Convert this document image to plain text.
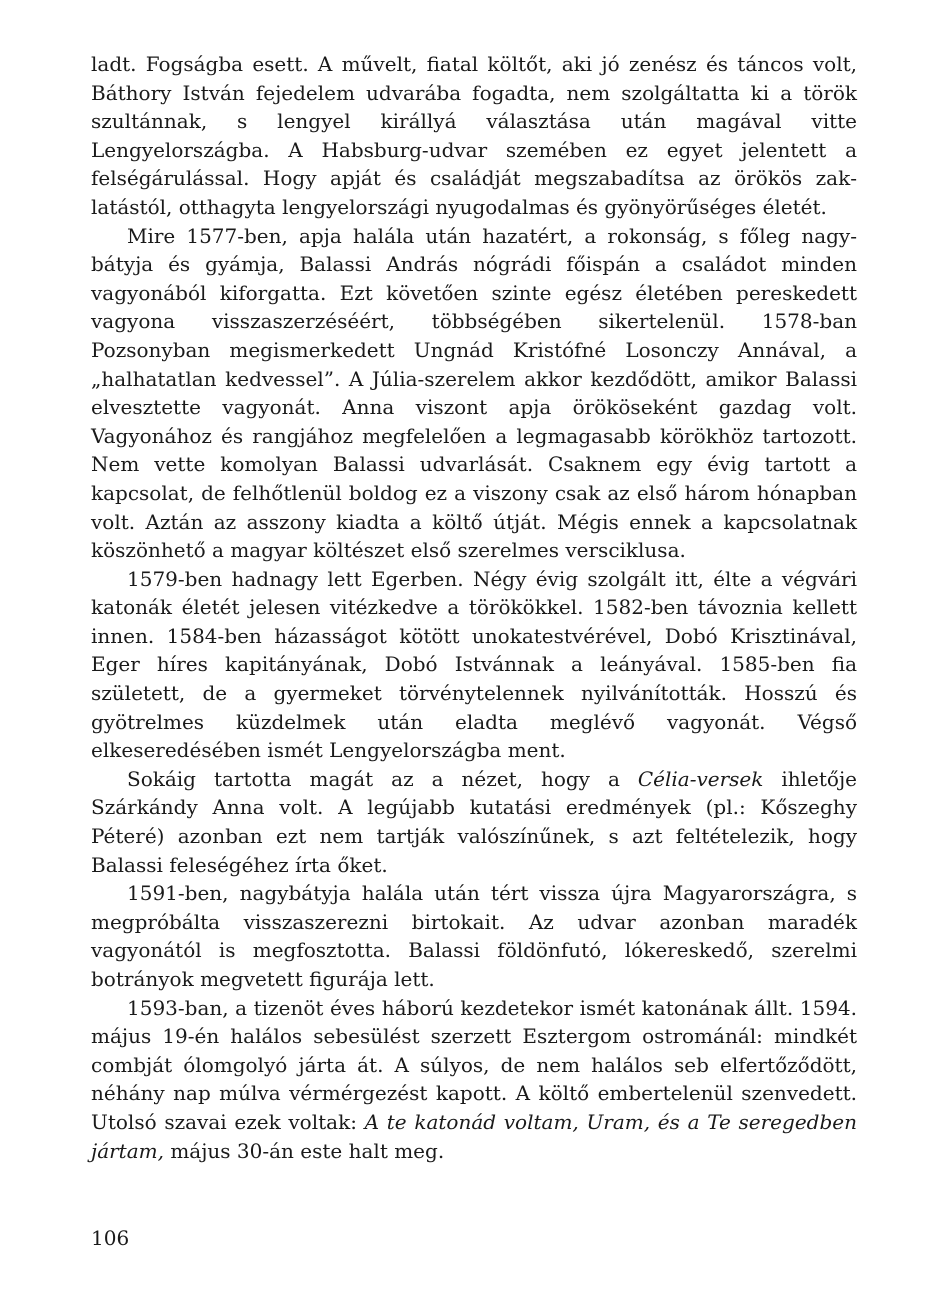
ladt. Fogságba esett. A művelt, fiatal költőt, aki jó zenész és táncos volt, Báthory István fejedelem udvarába fogadta, nem szolgáltatta ki a török szultánnak, s lengyel királlyá választása után magával vitte Lengyelországba. A Habsburg-udvar szemében ez egyet jelentett a felségárulással. Hogy apját és családját megszabadítsa az örökös zaklatástól, otthagyta lengyelországi nyugodalmas és gyönyörűséges életét.

Mire 1577-ben, apja halála után hazatért, a rokonság, s főleg nagybátyja és gyámja, Balassi András nógrádi főispán a családot minden vagyonából kiforgatta. Ezt követően szinte egész életében pereskedett vagyona visszaszerzéséért, többségében sikertelenül. 1578-ban Pozsonyban megismerkedett Ungnád Kristófné Losonczy Annával, a „halhatatlan kedvessel”. A Júlia-szerelem akkor kezdődött, amikor Balassi elvesztette vagyonát. Anna viszont apja örököseként gazdag volt. Vagyonához és rangjához megfelelően a legmagasabb körökhöz tartozott. Nem vette komolyan Balassi udvarlását. Csaknem egy évig tartott a kapcsolat, de felhőtlenül boldog ez a viszony csak az első három hónapban volt. Aztán az asszony kiadta a költő útját. Mégis ennek a kapcsolatnak köszönhető a magyar költészet első szerelmes versciklusa.

1579-ben hadnagy lett Egerben. Négy évig szolgált itt, élte a végvári katonák életét jelesen vitézkedve a törökökkel. 1582-ben távoznia kellett innen. 1584-ben házasságot kötött unokatestvérével, Dobó Krisztinával, Eger híres kapitányának, Dobó Istvánnak a leányával. 1585-ben fia született, de a gyermeket törvénytelennek nyilvánították. Hosszú és gyötrelmes küzdelmek után eladta meglévő vagyonát. Végső elkeseredésében ismét Lengyelországba ment.

Sokáig tartotta magát az a nézet, hogy a Célia-versek ihletője Szárkándy Anna volt. A legújabb kutatási eredmények (pl.: Kőszeghy Péteré) azonban ezt nem tartják valószínűnek, s azt feltételezik, hogy Balassi feleségéhez írta őket.

1591-ben, nagybátyja halála után tért vissza újra Magyarországra, s megpróbálta visszaszerezni birtokait. Az udvar azonban maradék vagyonától is megfosztotta. Balassi földönfutó, lókereskedő, szerelmi botrányok megvetett figurája lett.

1593-ban, a tizenöt éves háború kezdetekor ismét katonának állt. 1594. május 19-én halálos sebesülést szerzett Esztergom ostrománál: mindkét combját ólomgolyó járta át. A súlyos, de nem halálos seb elfertőződött, néhány nap múlva vérmérgezést kapott. A költő embertelenül szenvedett. Utolsó szavai ezek voltak: A te katonád voltam, Uram, és a Te seregedben jártam, május 30-án este halt meg.

106
